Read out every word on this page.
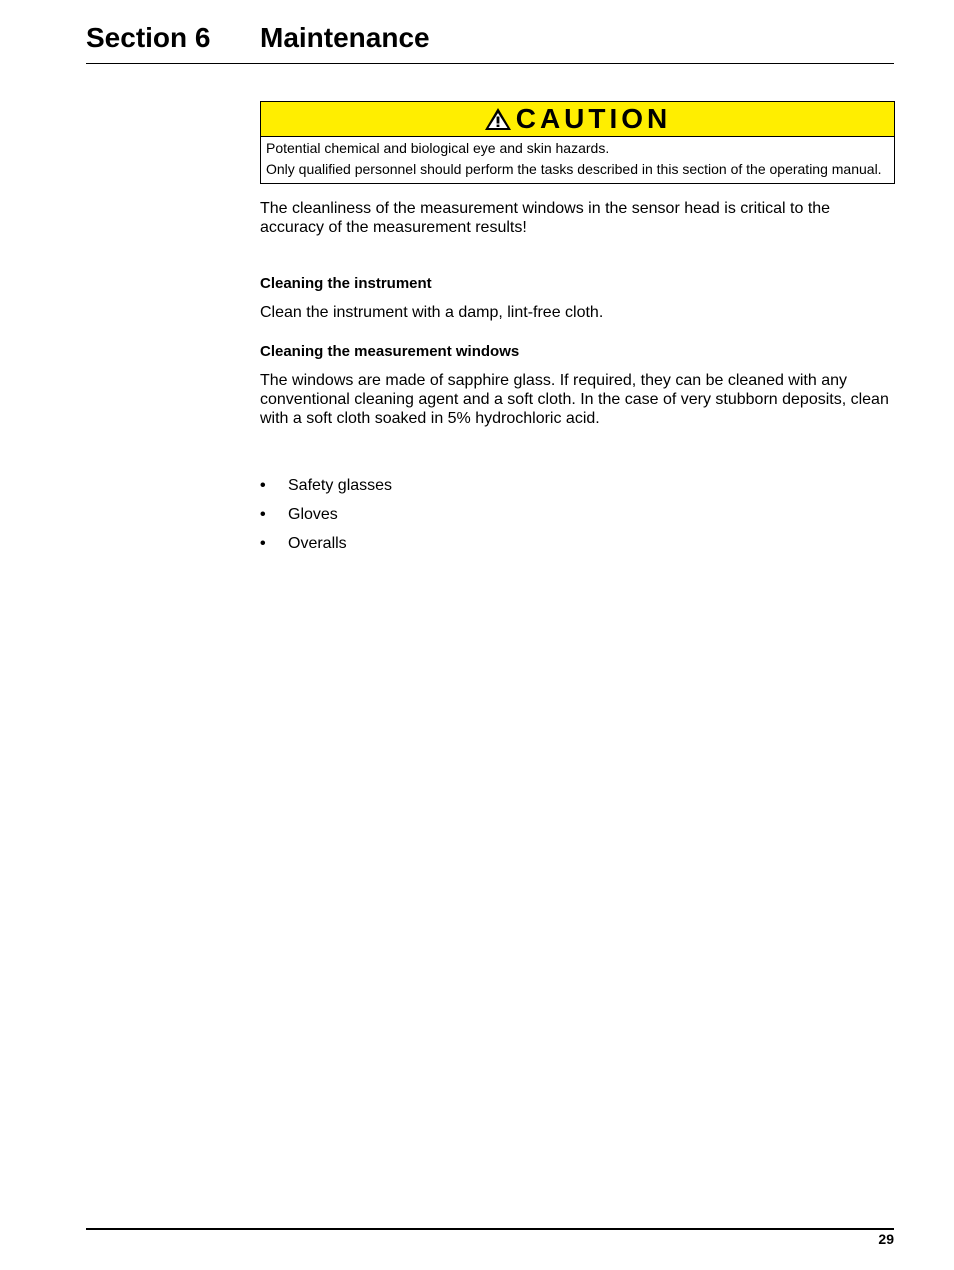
Section 6 Maintenance
CAUTION

Potential chemical and biological eye and skin hazards.

Only qualified personnel should perform the tasks described in this section of the operating manual.

The cleanliness of the measurement windows in the sensor head is critical to the accuracy of the measurement results!

Cleaning the instrument

Clean the instrument with a damp, lint-free cloth.

Cleaning the measurement windows

The windows are made of sapphire glass. If required, they can be cleaned with any conventional cleaning agent and a soft cloth. In the case of very stubborn deposits, clean with a soft cloth soaked in 5% hydrochloric acid.

• Safety glasses
• Gloves
• Overalls
29
